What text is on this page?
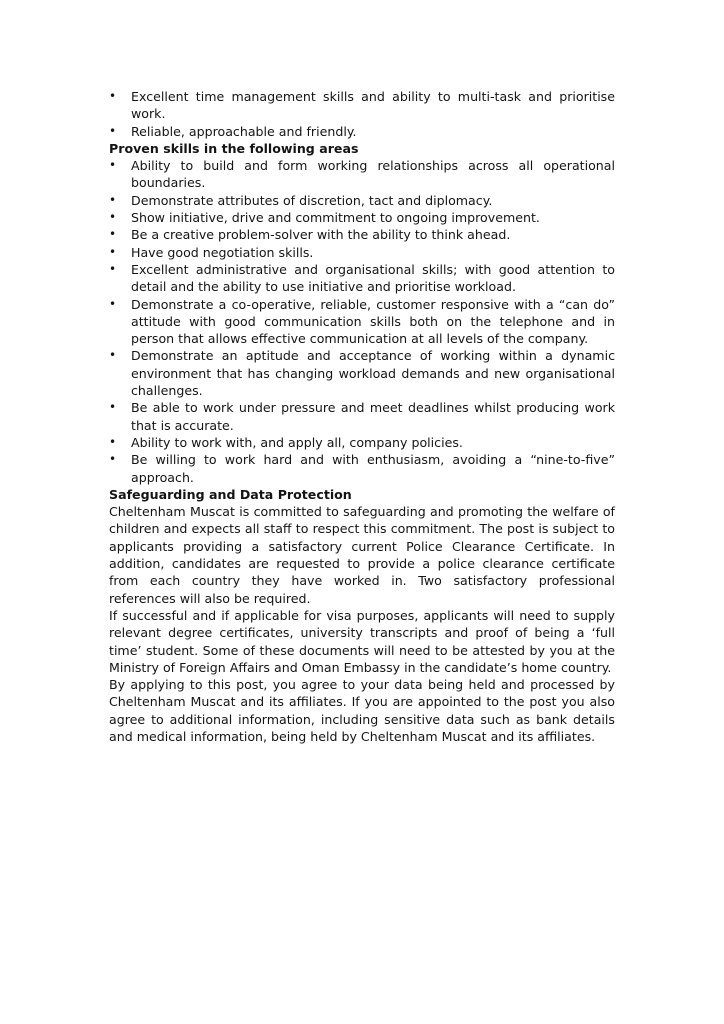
• Excellent time management skills and ability to multi-task and prioritise work.
• Reliable, approachable and friendly.
Proven skills in the following areas
• Ability to build and form working relationships across all operational boundaries.
• Demonstrate attributes of discretion, tact and diplomacy.
• Show initiative, drive and commitment to ongoing improvement.
• Be a creative problem-solver with the ability to think ahead.
• Have good negotiation skills.
• Excellent administrative and organisational skills; with good attention to detail and the ability to use initiative and prioritise workload.
• Demonstrate a co-operative, reliable, customer responsive with a “can do” attitude with good communication skills both on the telephone and in person that allows effective communication at all levels of the company.
• Demonstrate an aptitude and acceptance of working within a dynamic environment that has changing workload demands and new organisational challenges.
• Be able to work under pressure and meet deadlines whilst producing work that is accurate.
• Ability to work with, and apply all, company policies.
• Be willing to work hard and with enthusiasm, avoiding a “nine-to-five” approach.
Safeguarding and Data Protection

Cheltenham Muscat is committed to safeguarding and promoting the welfare of children and expects all staff to respect this commitment. The post is subject to applicants providing a satisfactory current Police Clearance Certificate. In addition, candidates are requested to provide a police clearance certificate from each country they have worked in. Two satisfactory professional references will also be required.

If successful and if applicable for visa purposes, applicants will need to supply relevant degree certificates, university transcripts and proof of being a ‘full time’ student. Some of these documents will need to be attested by you at the Ministry of Foreign Affairs and Oman Embassy in the candidate’s home country.

By applying to this post, you agree to your data being held and processed by Cheltenham Muscat and its affiliates. If you are appointed to the post you also agree to additional information, including sensitive data such as bank details and medical information, being held by Cheltenham Muscat and its affiliates.
